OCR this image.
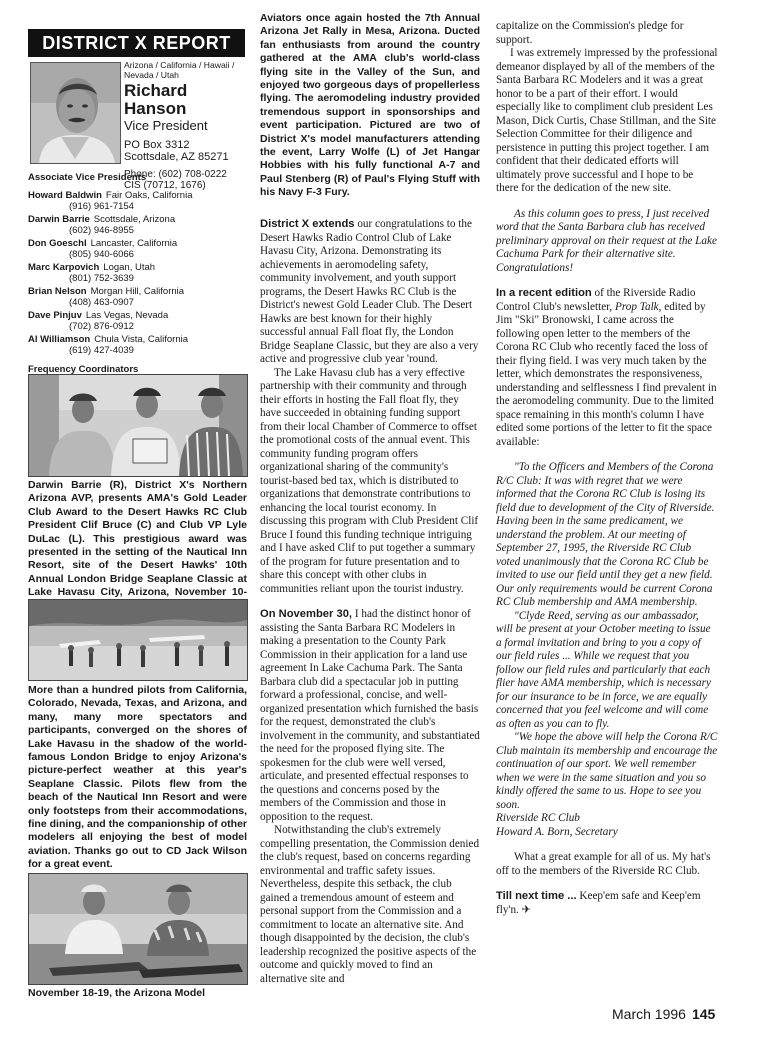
DISTRICT X REPORT

Arizona / California / Hawaii / Nevada / Utah

Richard Hanson

Vice President

PO Box 3312

Scottsdale, AZ 85271

Phone: (602) 708-0222

CIS (70712, 1676)

Associate Vice Presidents

Howard Baldwin Fair Oaks, California
(916) 961-7154

Darwin Barrie Scottsdale, Arizona
(602) 946-8955

Don Goeschl Lancaster, California
(805) 940-6066

Marc Karpovich Logan, Utah
(801) 752-3639

Brian Nelson Morgan Hill, California
(408) 463-0907

Dave Pinjuv Las Vegas, Nevada
(702) 876-0912

Al Williamson Chula Vista, California
(619) 427-4039

Frequency Coordinators

Darwin Barrie (R), District X's Northern Arizona AVP, presents AMA's Gold Leader Club Award to the Desert Hawks RC Club President Clif Bruce (C) and Club VP Lyle DuLac (L). This prestigious award was presented in the setting of the Nautical Inn Resort, site of the Desert Hawks' 10th Annual London Bridge Seaplane Classic at Lake Havasu City, Arizona, November 10-

More than a hundred pilots from California, Colorado, Nevada, Texas, and Arizona, and many, many more spectators and participants, converged on the shores of Lake Havasu in the shadow of the world-famous London Bridge to enjoy Arizona's picture-perfect weather at this year's Seaplane Classic. Pilots flew from the beach of the Nautical Inn Resort and were only footsteps from their accommodations, fine dining, and the companionship of other modelers all enjoying the best of model aviation. Thanks go out to CD Jack Wilson for a great event.

November 18-19, the Arizona Model

Aviators once again hosted the 7th Annual Arizona Jet Rally in Mesa, Arizona. Ducted fan enthusiasts from around the country gathered at the AMA club's world-class flying site in the Valley of the Sun, and enjoyed two gorgeous days of propellerless flying. The aeromodeling industry provided tremendous support in sponsorships and event participation. Pictured are two of District X's model manufacturers attending the event, Larry Wolfe (L) of Jet Hangar Hobbies with his fully functional A-7 and Paul Stenberg (R) of Paul's Flying Stuff with his Navy F-3 Fury.

District X extends our congratulations to the Desert Hawks Radio Control Club of Lake Havasu City, Arizona. Demonstrating its achievements in aeromodeling safety, community involvement, and youth support programs, the Desert Hawks RC Club is the District's newest Gold Leader Club. The Desert Hawks are best known for their highly successful annual Fall float fly, the London Bridge Seaplane Classic, but they are also a very active and progressive club year 'round.

The Lake Havasu club has a very effective partnership with their community and through their efforts in hosting the Fall float fly, they have succeeded in obtaining funding support from their local Chamber of Commerce to offset the promotional costs of the annual event. This community funding program offers organizational sharing of the community's tourist-based bed tax, which is distributed to organizations that demonstrate contributions to enhancing the local tourist economy. In discussing this program with Club President Clif Bruce I found this funding technique intriguing and I have asked Clif to put together a summary of the program for future presentation and to share this concept with other clubs in communities reliant upon the tourist industry.

On November 30, I had the distinct honor of assisting the Santa Barbara RC Modelers in making a presentation to the County Park Commission in their application for a land use agreement In Lake Cachuma Park. The Santa Barbara club did a spectacular job in putting forward a professional, concise, and well-organized presentation which furnished the basis for the request, demonstrated the club's involvement in the community, and substantiated the need for the proposed flying site. The spokesmen for the club were well versed, articulate, and presented effectual responses to the questions and concerns posed by the members of the Commission and those in opposition to the request.

Notwithstanding the club's extremely compelling presentation, the Commission denied the club's request, based on concerns regarding environmental and traffic safety issues. Nevertheless, despite this setback, the club gained a tremendous amount of esteem and personal support from the Commission and a commitment to locate an alternative site. And though disappointed by the decision, the club's leadership recognized the positive aspects of the outcome and quickly moved to find an alternative site and

capitalize on the Commission's pledge for support.

I was extremely impressed by the professional demeanor displayed by all of the members of the Santa Barbara RC Modelers and it was a great honor to be a part of their effort. I would especially like to compliment club president Les Mason, Dick Curtis, Chase Stillman, and the Site Selection Committee for their diligence and persistence in putting this project together. I am confident that their dedicated efforts will ultimately prove successful and I hope to be there for the dedication of the new site.

As this column goes to press, I just received word that the Santa Barbara club has received preliminary approval on their request at the Lake Cachuma Park for their alternative site. Congratulations!

In a recent edition of the Riverside Radio Control Club's newsletter, Prop Talk, edited by Jim "Ski" Bronowski, I came across the following open letter to the members of the Corona RC Club who recently faced the loss of their flying field. I was very much taken by the letter, which demonstrates the responsiveness, understanding and selflessness I find prevalent in the aeromodeling community. Due to the limited space remaining in this month's column I have edited some portions of the letter to fit the space available:

"To the Officers and Members of the Corona R/C Club: It was with regret that we were informed that the Corona RC Club is losing its field due to development of the City of Riverside. Having been in the same predicament, we understand the problem. At our meeting of September 27, 1995, the Riverside RC Club voted unanimously that the Corona RC Club be invited to use our field until they get a new field. Our only requirements would be current Corona RC Club membership and AMA membership.

"Clyde Reed, serving as our ambassador, will be present at your October meeting to issue a formal invitation and bring to you a copy of our field rules ... While we request that you follow our field rules and particularly that each flier have AMA membership, which is necessary for our insurance to be in force, we are equally concerned that you feel welcome and will come as often as you can to fly.

"We hope the above will help the Corona R/C Club maintain its membership and encourage the continuation of our sport. We well remember when we were in the same situation and you so kindly offered the same to us. Hope to see you soon.

Riverside RC Club

Howard A. Born, Secretary

What a great example for all of us. My hat's off to the members of the Riverside RC Club.

Till next time ... Keep'em safe and Keep'em fly'n. ✈

March 1996 145
